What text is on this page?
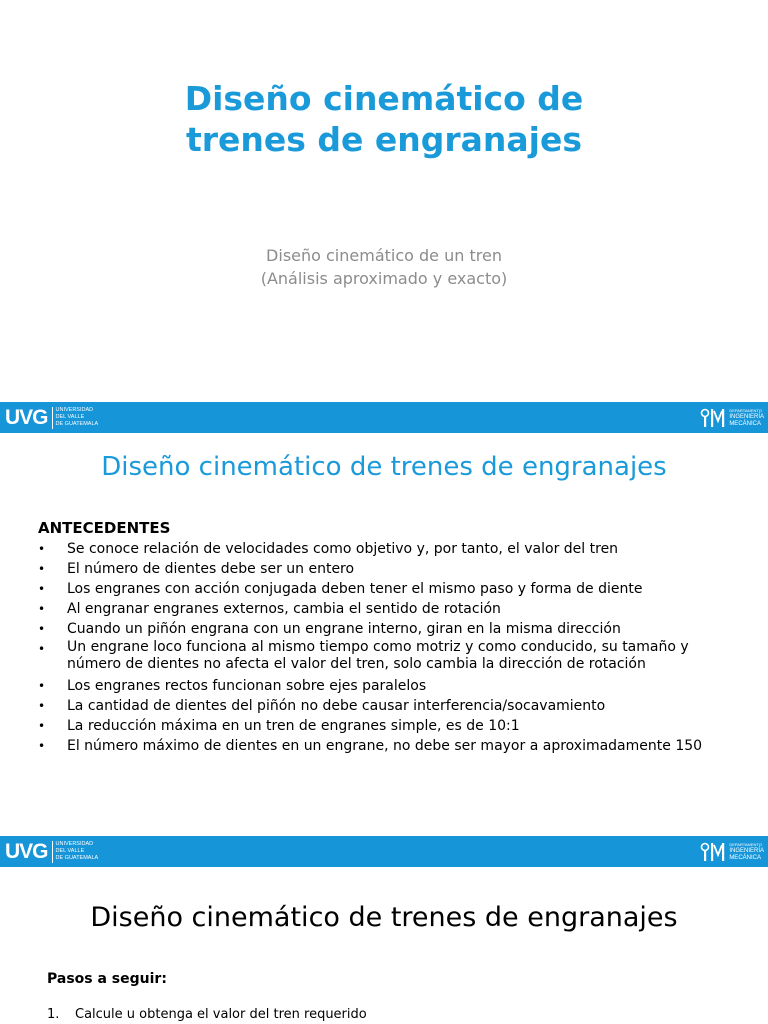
Diseño cinemático de
trenes de engranajes
Diseño cinemático de un tren
(Análisis aproximado y exacto)
UVG UNIVERSIDAD
DEL VALLE
DE GUATEMALA
DEPARTAMENTO
INGENIERÍA
MECÁNICA
Diseño cinemático de trenes de engranajes
ANTECEDENTES
• Se conoce relación de velocidades como objetivo y, por tanto, el valor del tren
• El número de dientes debe ser un entero
• Los engranes con acción conjugada deben tener el mismo paso y forma de diente
• Al engranar engranes externos, cambia el sentido de rotación
• Cuando un piñón engrana con un engrane interno, giran en la misma dirección
• Un engrane loco funciona al mismo tiempo como motriz y como conducido, su tamaño y número de dientes no afecta el valor del tren, solo cambia la dirección de rotación
• Los engranes rectos funcionan sobre ejes paralelos
• La cantidad de dientes del piñón no debe causar interferencia/socavamiento
• La reducción máxima en un tren de engranes simple, es de 10:1
• El número máximo de dientes en un engrane, no debe ser mayor a aproximadamente 150
UVG UNIVERSIDAD
DEL VALLE
DE GUATEMALA
DEPARTAMENTO
INGENIERÍA
MECÁNICA
Diseño cinemático de trenes de engranajes
Pasos a seguir:
1. Calcule u obtenga el valor del tren requerido
